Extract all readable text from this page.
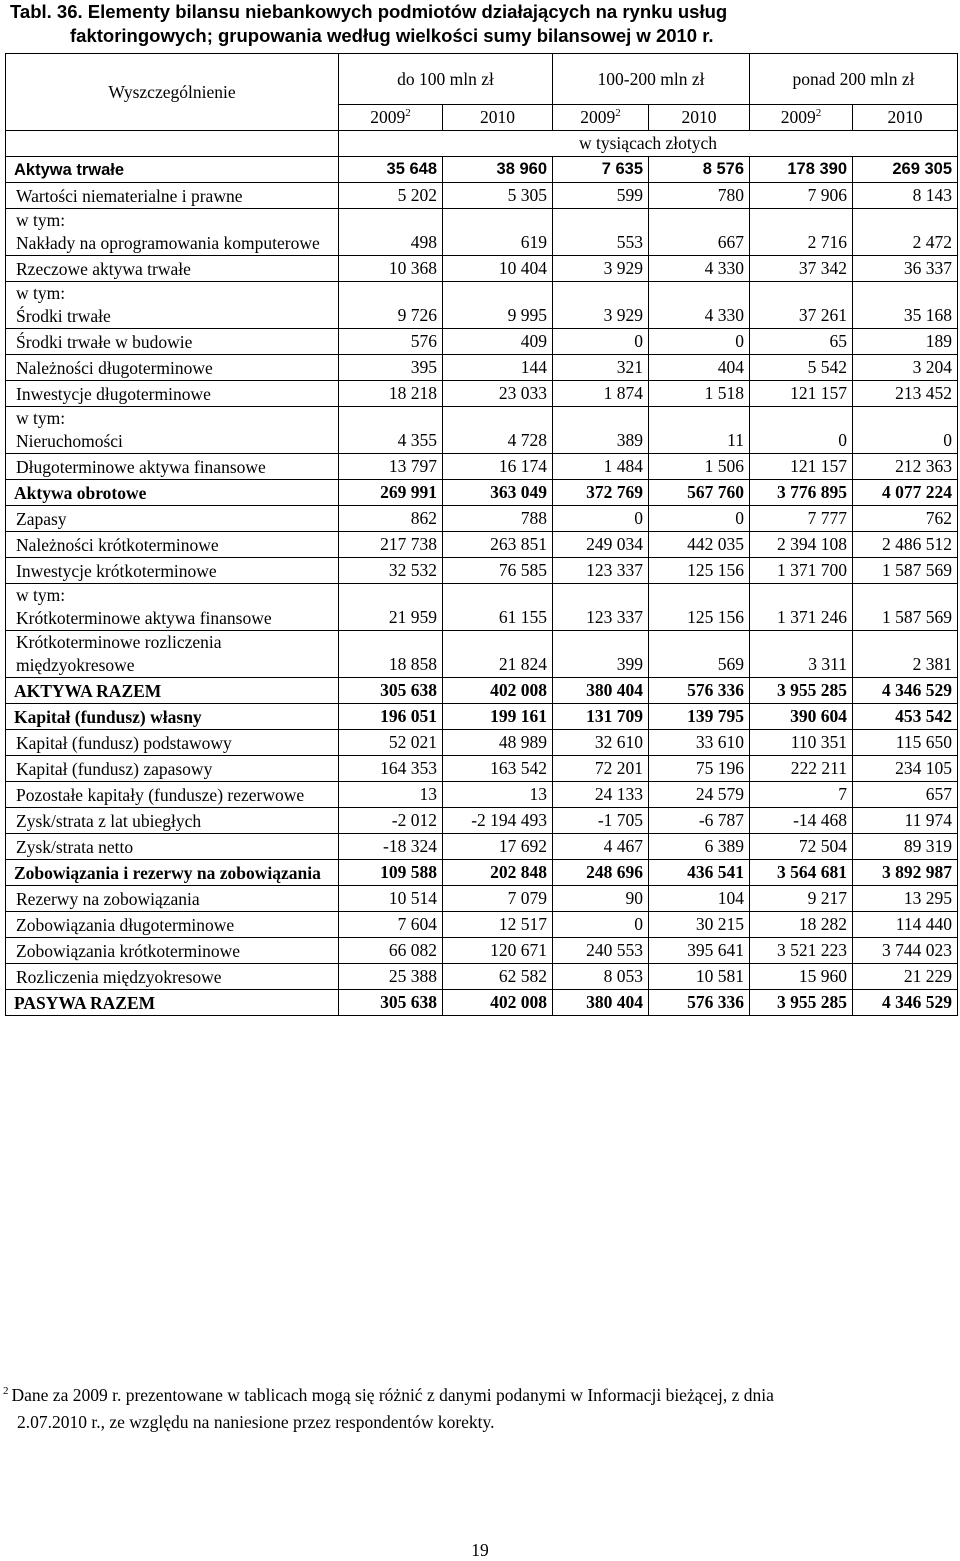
Tabl. 36. Elementy bilansu niebankowych podmiotów działających na rynku usług
faktoringowych; grupowania według wielkości sumy bilansowej w 2010 r.
Wyszczególnienie	do 100 mln zł		100-200 mln zł		ponad 200 mln zł	
	2009$^2$	2010	2009$^2$	2010	2009$^2$	2010
	w tysiącach złotych					
Aktywa trwałe	35 648	38 960	7 635	8 576	178 390	269 305
Wartości niematerialne i prawne	5 202	5 305	599	780	7 906	8 143
w tym:
Nakłady na oprogramowania komputerowe	498	619	553	667	2 716	2 472
Rzeczowe aktywa trwałe	10 368	10 404	3 929	4 330	37 342	36 337
w tym:
Środki trwałe	9 726	9 995	3 929	4 330	37 261	35 168
Środki trwałe w budowie	576	409	0	0	65	189
Należności długoterminowe	395	144	321	404	5 542	3 204
Inwestycje długoterminowe	18 218	23 033	1 874	1 518	121 157	213 452
w tym:
Nieruchomości	4 355	4 728	389	11	0	0
Długoterminowe aktywa finansowe	13 797	16 174	1 484	1 506	121 157	212 363
Aktywa obrotowe	269 991	363 049	372 769	567 760	3 776 895	4 077 224
Zapasy	862	788	0	0	7 777	762
Należności krótkoterminowe	217 738	263 851	249 034	442 035	2 394 108	2 486 512
Inwestycje krótkoterminowe	32 532	76 585	123 337	125 156	1 371 700	1 587 569
w tym:
Krótkoterminowe aktywa finansowe	21 959	61 155	123 337	125 156	1 371 246	1 587 569
Krótkoterminowe rozliczenia międzyokresowe	18 858	21 824	399	569	3 311	2 381
AKTYWA RAZEM	305 638	402 008	380 404	576 336	3 955 285	4 346 529
Kapitał (fundusz) własny	196 051	199 161	131 709	139 795	390 604	453 542
Kapitał (fundusz) podstawowy	52 021	48 989	32 610	33 610	110 351	115 650
Kapitał (fundusz) zapasowy	164 353	163 542	72 201	75 196	222 211	234 105
Pozostałe kapitały (fundusze) rezerwowe	13	13	24 133	24 579	7	657
Zysk/strata z lat ubiegłych	-2 012	-2 194 493	-1 705	-6 787	-14 468	11 974
Zysk/strata netto	-18 324	17 692	4 467	6 389	72 504	89 319
Zobowiązania i rezerwy na zobowiązania	109 588	202 848	248 696	436 541	3 564 681	3 892 987
Rezerwy na zobowiązania	10 514	7 079	90	104	9 217	13 295
Zobowiązania długoterminowe	7 604	12 517	0	30 215	18 282	114 440
Zobowiązania krótkoterminowe	66 082	120 671	240 553	395 641	3 521 223	3 744 023
Rozliczenia międzyokresowe	25 388	62 582	8 053	10 581	15 960	21 229
PASYWA RAZEM	305 638	402 008	380 404	576 336	3 955 285	4 346 529
$^2$ Dane za 2009 r. prezentowane w tablicach mogą się różnić z danymi podanymi w Informacji bieżącej, z dnia
2.07.2010 r., ze względu na naniesione przez respondentów korekty.
19
